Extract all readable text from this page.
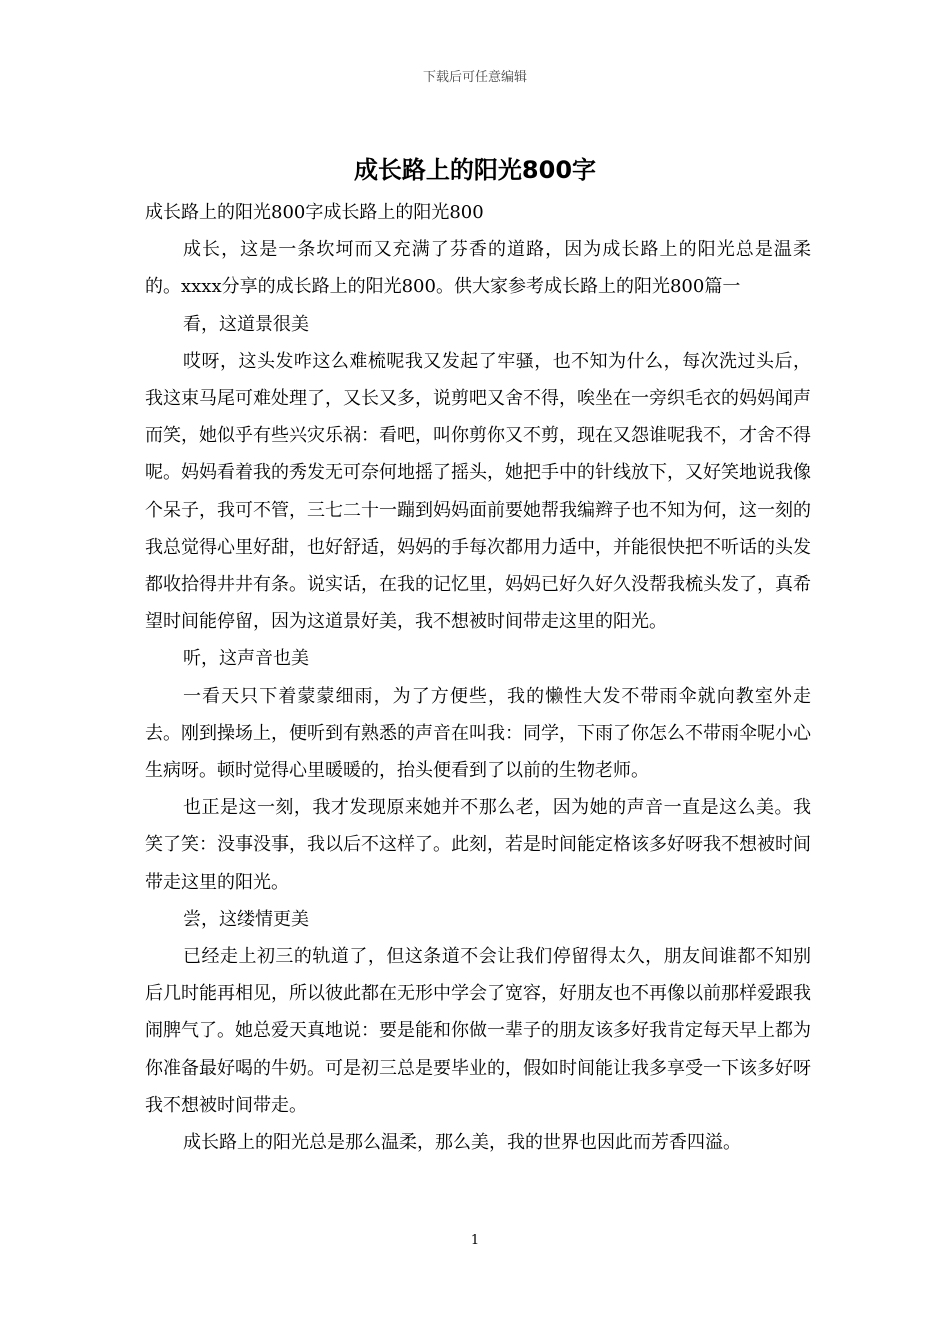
下载后可任意编辑
成长路上的阳光800字

成长路上的阳光800字成长路上的阳光800

成长，这是一条坎坷而又充满了芬香的道路，因为成长路上的阳光总是温柔的。xxxx分享的成长路上的阳光800。供大家参考成长路上的阳光800篇一

看，这道景很美

哎呀，这头发咋这么难梳呢我又发起了牢骚，也不知为什么，每次洗过头后，我这束马尾可难处理了，又长又多，说剪吧又舍不得，唉坐在一旁织毛衣的妈妈闻声而笑，她似乎有些兴灾乐祸：看吧，叫你剪你又不剪，现在又怨谁呢我不，才舍不得呢。妈妈看着我的秀发无可奈何地摇了摇头，她把手中的针线放下，又好笑地说我像个呆子，我可不管，三七二十一蹦到妈妈面前要她帮我编辫子也不知为何，这一刻的我总觉得心里好甜，也好舒适，妈妈的手每次都用力适中，并能很快把不听话的头发都收拾得井井有条。说实话，在我的记忆里，妈妈已好久好久没帮我梳头发了，真希望时间能停留，因为这道景好美，我不想被时间带走这里的阳光。

听，这声音也美

一看天只下着蒙蒙细雨，为了方便些，我的懒性大发不带雨伞就向教室外走去。刚到操场上，便听到有熟悉的声音在叫我：同学，下雨了你怎么不带雨伞呢小心生病呀。顿时觉得心里暖暖的，抬头便看到了以前的生物老师。

也正是这一刻，我才发现原来她并不那么老，因为她的声音一直是这么美。我笑了笑：没事没事，我以后不这样了。此刻，若是时间能定格该多好呀我不想被时间带走这里的阳光。

尝，这缕情更美

已经走上初三的轨道了，但这条道不会让我们停留得太久，朋友间谁都不知别后几时能再相见，所以彼此都在无形中学会了宽容，好朋友也不再像以前那样爱跟我闹脾气了。她总爱天真地说：要是能和你做一辈子的朋友该多好我肯定每天早上都为你准备最好喝的牛奶。可是初三总是要毕业的，假如时间能让我多享受一下该多好呀我不想被时间带走。

成长路上的阳光总是那么温柔，那么美，我的世界也因此而芳香四溢。

1
